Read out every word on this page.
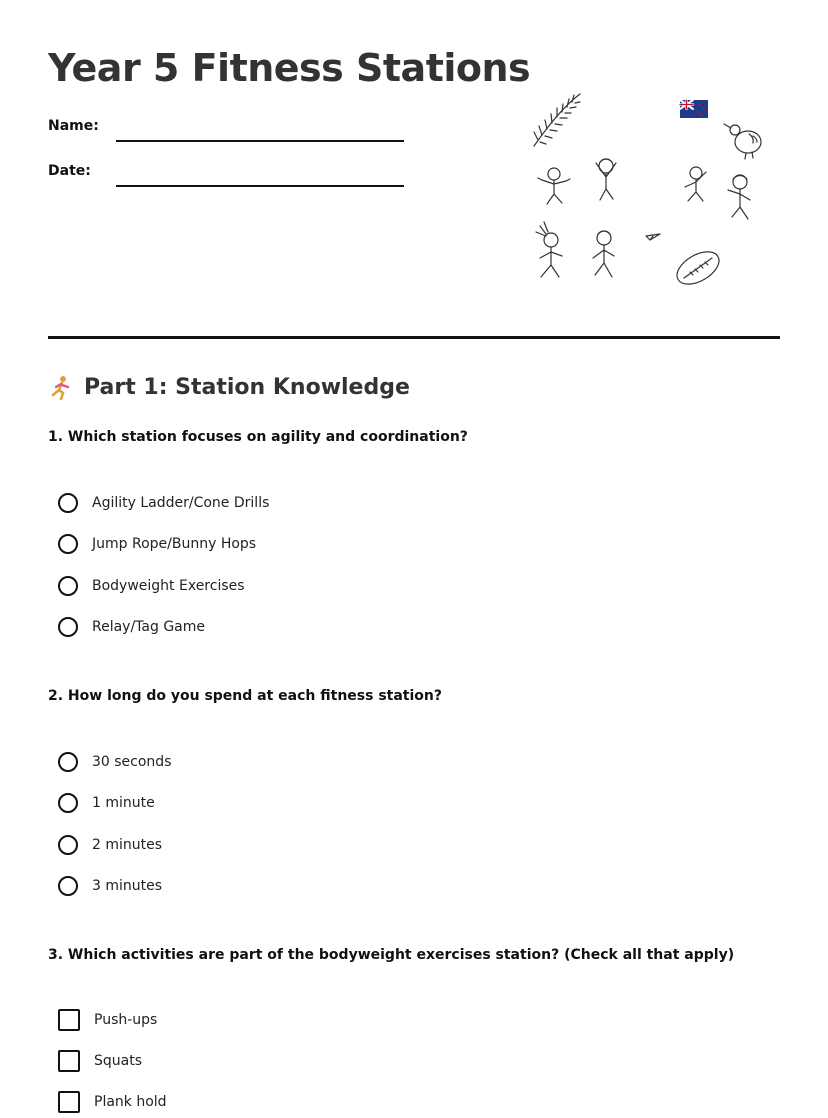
Year 5 Fitness Stations
Name:
Date:
Part 1: Station Knowledge

1. Which station focuses on agility and coordination?

Agility Ladder/Cone Drills
Jump Rope/Bunny Hops
Bodyweight Exercises
Relay/Tag Game

2. How long do you spend at each fitness station?

30 seconds
1 minute
2 minutes
3 minutes

3. Which activities are part of the bodyweight exercises station? (Check all that apply)

Push-ups
Squats
Plank hold
